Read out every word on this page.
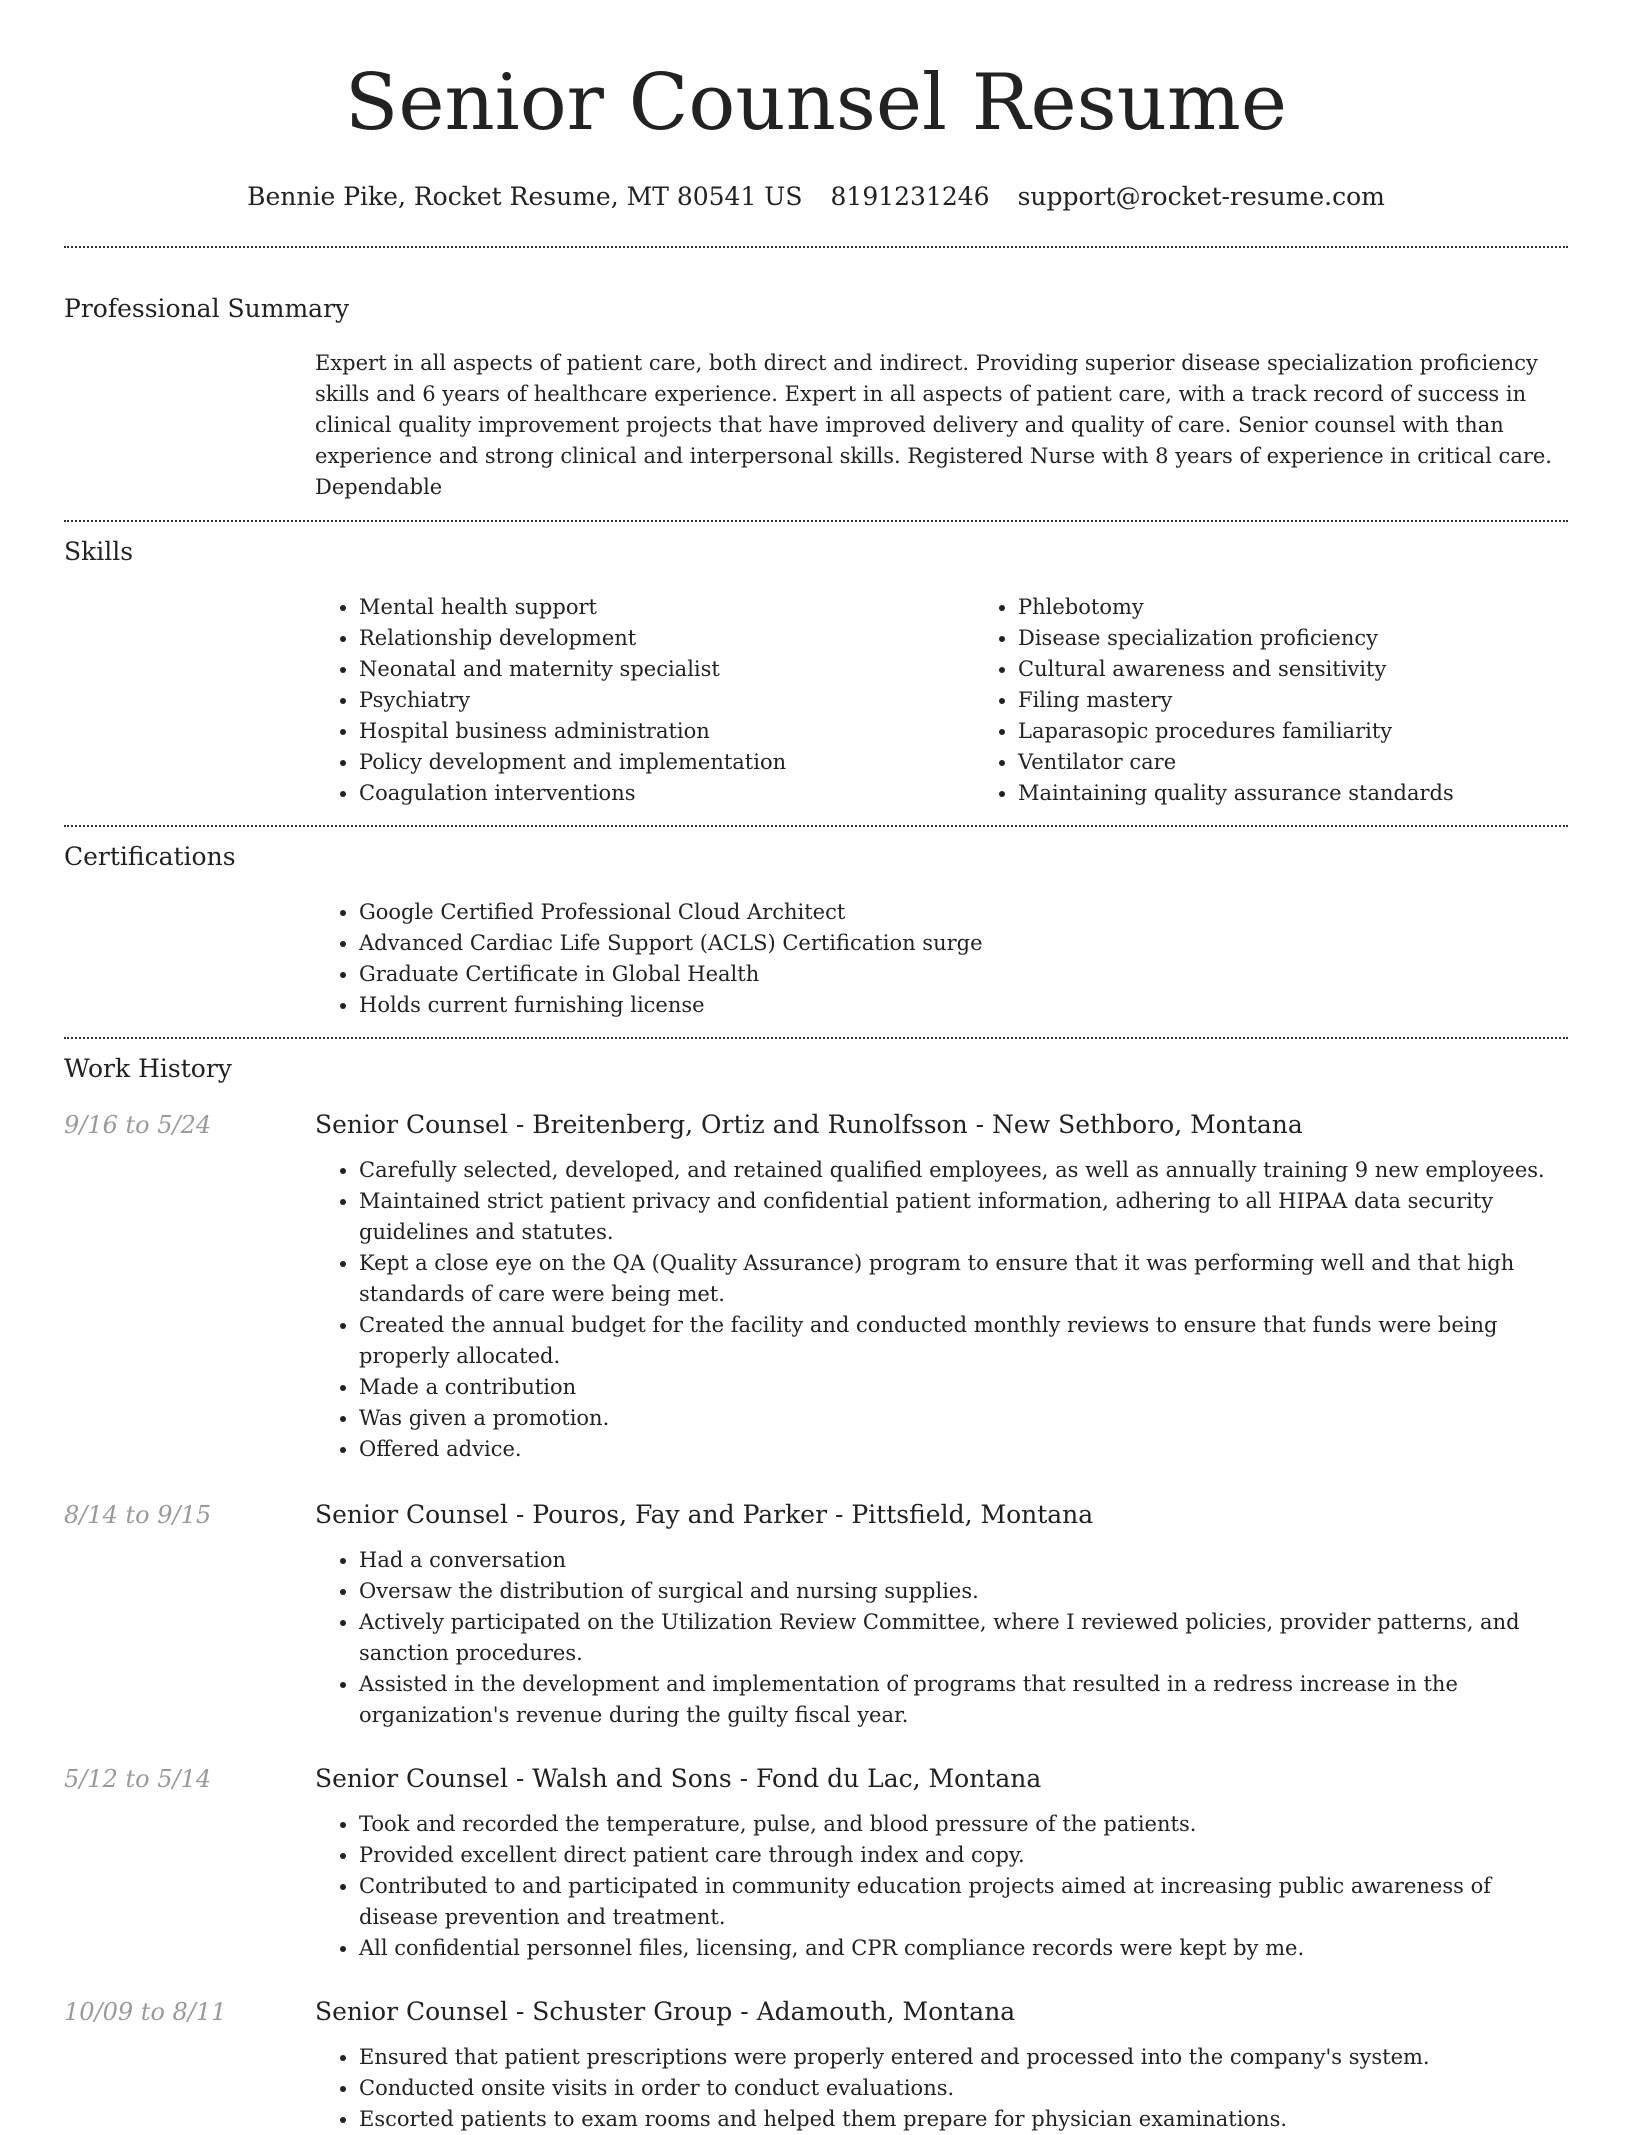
Senior Counsel Resume
Bennie Pike, Rocket Resume, MT 80541 US 8191231246 support@rocket-resume.com
Professional Summary

Expert in all aspects of patient care, both direct and indirect. Providing superior disease specialization proficiency skills and 6 years of healthcare experience. Expert in all aspects of patient care, with a track record of success in clinical quality improvement projects that have improved delivery and quality of care. Senior counsel with than experience and strong clinical and interpersonal skills. Registered Nurse with 8 years of experience in critical care. Dependable

Skills
• Mental health support
• Relationship development
• Neonatal and maternity specialist
• Psychiatry
• Hospital business administration
• Policy development and implementation
• Coagulation interventions
• Phlebotomy
• Disease specialization proficiency
• Cultural awareness and sensitivity
• Filing mastery
• Laparasopic procedures familiarity
• Ventilator care
• Maintaining quality assurance standards
Certifications
• Google Certified Professional Cloud Architect
• Advanced Cardiac Life Support (ACLS) Certification surge
• Graduate Certificate in Global Health
• Holds current furnishing license
Work History
9/16 to 5/24	Senior Counsel - Breitenberg, Ortiz and Runolfsson - New Sethboro, Montana
• Carefully selected, developed, and retained qualified employees, as well as annually training 9 new employees.
• Maintained strict patient privacy and confidential patient information, adhering to all HIPAA data security guidelines and statutes.
• Kept a close eye on the QA (Quality Assurance) program to ensure that it was performing well and that high standards of care were being met.
• Created the annual budget for the facility and conducted monthly reviews to ensure that funds were being properly allocated.
• Made a contribution
• Was given a promotion.
• Offered advice.
8/14 to 9/15	Senior Counsel - Pouros, Fay and Parker - Pittsfield, Montana
• Had a conversation
• Oversaw the distribution of surgical and nursing supplies.
• Actively participated on the Utilization Review Committee, where I reviewed policies, provider patterns, and sanction procedures.
• Assisted in the development and implementation of programs that resulted in a redress increase in the organization's revenue during the guilty fiscal year.
5/12 to 5/14	Senior Counsel - Walsh and Sons - Fond du Lac, Montana
• Took and recorded the temperature, pulse, and blood pressure of the patients.
• Provided excellent direct patient care through index and copy.
• Contributed to and participated in community education projects aimed at increasing public awareness of disease prevention and treatment.
• All confidential personnel files, licensing, and CPR compliance records were kept by me.
10/09 to 8/11	Senior Counsel - Schuster Group - Adamouth, Montana
• Ensured that patient prescriptions were properly entered and processed into the company's system.
• Conducted onsite visits in order to conduct evaluations.
• Escorted patients to exam rooms and helped them prepare for physician examinations.
